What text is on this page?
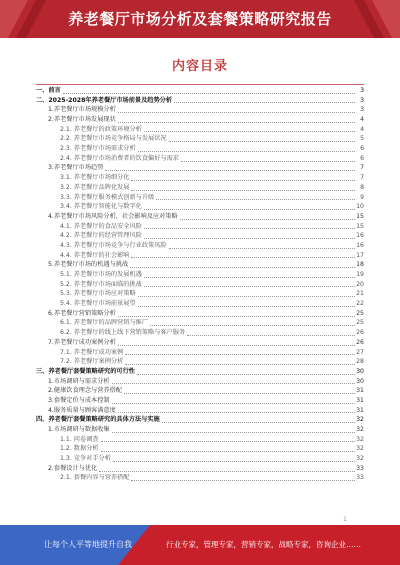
养老餐厅市场分析及套餐策略研究报告
内容目录
一、前言	3
二、2025-2028年养老餐厅市场前景及趋势分析	3
1.养老餐厅市场规模分析	3
2.养老餐厅市场发展现状	4
2.1. 养老餐厅的政策环境分析	4
2.2. 养老餐厅市场竞争格局与发展状况	5
2.3. 养老餐厅市场需求分析	6
2.4. 养老餐厅市场消费者的饮食偏好与需求	6
3.养老餐厅市场趋势	7
3.1. 养老餐厅市场细分化	7
3.2. 养老餐厅品牌化发展	8
3.3. 养老餐厅服务模式创新与升级	9
3.4. 养老餐厅智能化与数字化	10
4.养老餐厅市场风险分析，社会影响及应对策略	15
4.1. 养老餐厅的食品安全风险	15
4.2. 养老餐厅的经营管理风险	16
4.3. 养老餐厅市场竞争与行业政策风险	16
4.4. 养老餐厅的社会影响	17
5.养老餐厅市场的机遇与挑战	18
5.1. 养老餐厅市场的发展机遇	19
5.2. 养老餐厅市场面临的挑战	20
5.3. 养老餐厅市场应对策略	21
5.4. 养老餐厅市场前景展望	22
6.养老餐厅营销策略分析	25
6.1. 养老餐厅的品牌营销与推广	25
6.2. 养老餐厅的线上线下营销策略与客户服务	26
7.养老餐厅成功案例分析	26
7.1. 养老餐厅成功案例	27
7.2. 养老餐厅案例分析	28
三、养老餐厅套餐策略研究的可行性	30
1.市场调研与需求分析	30
2.健康饮食理念与营养搭配	31
3.套餐定价与成本控制	31
4.服务质量与顾客满意度	31
四、养老餐厅套餐策略研究的具体方法与实施	32
1.市场调研与数据收集	32
1.1. 问卷调查	32
1.2. 数据分析	32
1.3. 竞争对手分析	32
2.套餐设计与优化	33
2.1. 套餐内容与营养搭配	33
1
让每个人平等地提升自我	行业专家，管理专家，营销专家，战略专家，咨询企业……
